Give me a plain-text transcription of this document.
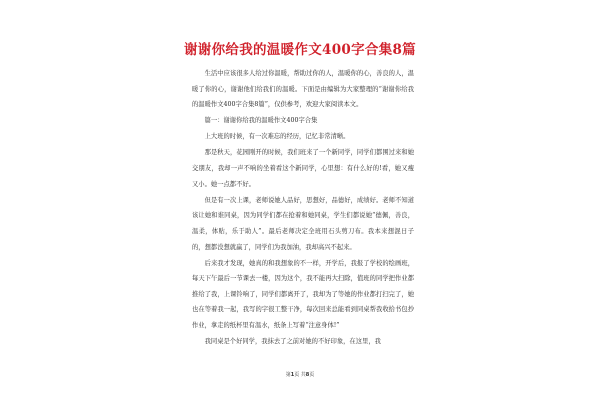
谢谢你给我的温暖作文400字合集8篇

生活中应该很多人给过你温暖，帮助过你的人，温暖你的心，善良的人，温暖了你的心，谢谢他们给我们的温暖。下面是由编辑为大家整理的“谢谢你给我的温暖作文400字合集8篇”，仅供参考，欢迎大家阅读本文。

篇一：谢谢你给我的温暖作文400字合集

上大班的时候，有一次难忘的经历，记忆非常清晰。

那是秋天，花园刚开的时候，我们班来了一个新同学，同学们都围过来和她交朋友，我却一声不响的坐着看这个新同学，心里想：有什么好的!看，她又瘦又小。她一点都不好。

但是有一次上课，老师说她人品好，思想好，品德好，成绩好。老师不知道该让她和谁同桌，因为同学们都在抢着和她同桌，学生们都说她“德佩，善良，温柔，体贴，乐于助人”。最后老师决定全班用石头剪刀布。我本来想混日子的，想都没想就赢了，同学们为我加油，我却高兴不起来。

后来我才发现，她真的和我想象的不一样，开学后，我报了学校的绘画班，每天下午最后一节课去一楼，因为这个，我不能再大扫除，值班的同学把作业都推给了我，上课铃响了，同学们都离开了，我却为了等她的作业都打扫完了，她也在等着我一起，我写的字很工整干净，每次回来总能看到同桌帮我收拾书包抄作业，拿走的纸杯里有温水，纸条上写着“注意身体!”

我同桌是个好同学，我抹去了之前对她的不好印象，在这里，我

第1页 共8页
